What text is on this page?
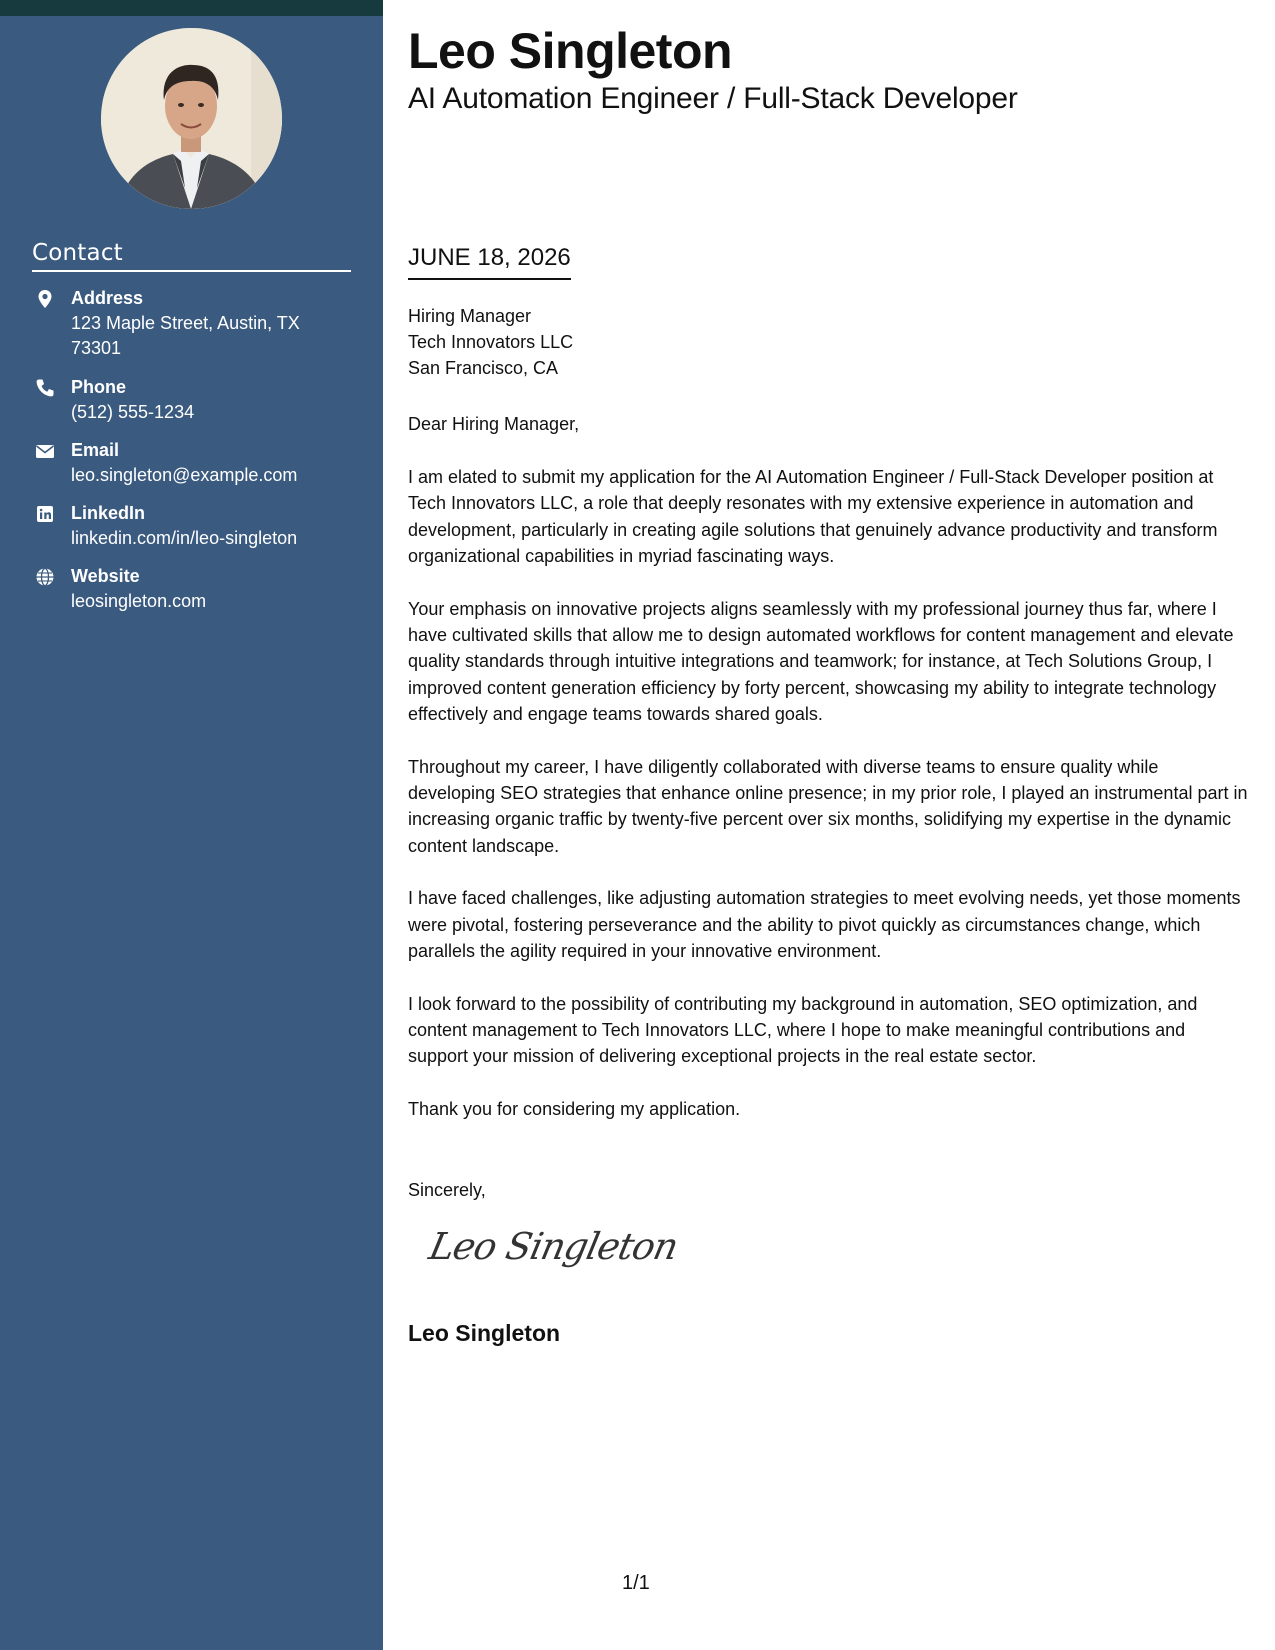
Contact
Address
123 Maple Street, Austin, TX 73301
Phone
(512) 555-1234
Email
leo.singleton@example.com
LinkedIn
linkedin.com/in/leo-singleton
Website
leosingleton.com
Leo Singleton
AI Automation Engineer / Full-Stack Developer
JUNE 18, 2026
Hiring Manager
Tech Innovators LLC
San Francisco, CA
Dear Hiring Manager,

I am elated to submit my application for the AI Automation Engineer / Full-Stack Developer position at Tech Innovators LLC, a role that deeply resonates with my extensive experience in automation and development, particularly in creating agile solutions that genuinely advance productivity and transform organizational capabilities in myriad fascinating ways.

Your emphasis on innovative projects aligns seamlessly with my professional journey thus far, where I have cultivated skills that allow me to design automated workflows for content management and elevate quality standards through intuitive integrations and teamwork; for instance, at Tech Solutions Group, I improved content generation efficiency by forty percent, showcasing my ability to integrate technology effectively and engage teams towards shared goals.

Throughout my career, I have diligently collaborated with diverse teams to ensure quality while developing SEO strategies that enhance online presence; in my prior role, I played an instrumental part in increasing organic traffic by twenty-five percent over six months, solidifying my expertise in the dynamic content landscape.

I have faced challenges, like adjusting automation strategies to meet evolving needs, yet those moments were pivotal, fostering perseverance and the ability to pivot quickly as circumstances change, which parallels the agility required in your innovative environment.

I look forward to the possibility of contributing my background in automation, SEO optimization, and content management to Tech Innovators LLC, where I hope to make meaningful contributions and support your mission of delivering exceptional projects in the real estate sector.

Thank you for considering my application.

Sincerely,
Leo Singleton
Leo Singleton
1/1
